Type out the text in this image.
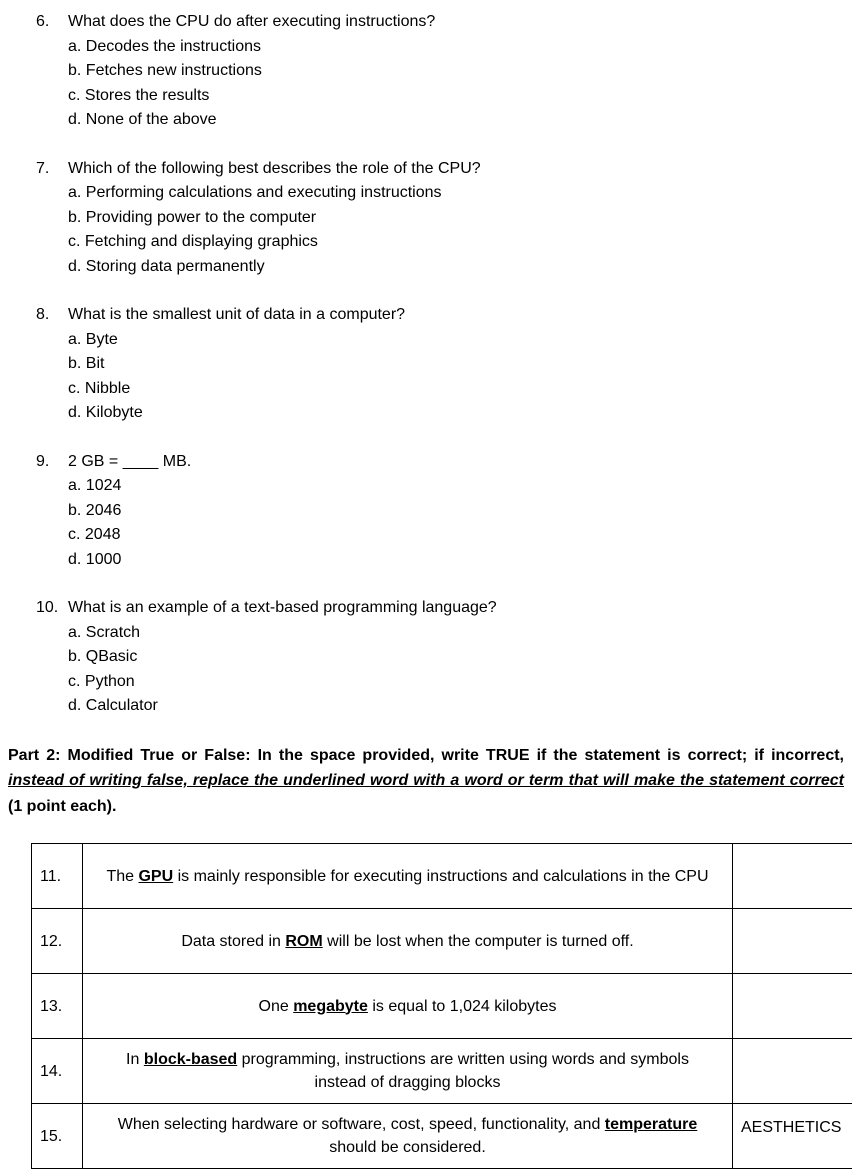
6.	What does the CPU do after executing instructions?
a. Decodes the instructions
b. Fetches new instructions
c. Stores the results
d. None of the above
7.	Which of the following best describes the role of the CPU?
a. Performing calculations and executing instructions
b. Providing power to the computer
c. Fetching and displaying graphics
d. Storing data permanently
8.	What is the smallest unit of data in a computer?
a. Byte
b. Bit
c. Nibble
d. Kilobyte
9.	2 GB = ____ MB.
a. 1024
b. 2046
c. 2048
d. 1000
10. What is an example of a text-based programming language?
a. Scratch
b. QBasic
c. Python
d. Calculator

Part 2: Modified True or False: In the space provided, write TRUE if the statement is correct; if incorrect, instead of writing false, replace the underlined word with a word or term that will make the statement correct (1 point each).

11.	The GPU is mainly responsible for executing instructions and calculations in the CPU	
12.	Data stored in ROM will be lost when the computer is turned off.	
13.	One megabyte is equal to 1,024 kilobytes	
14.	In block-based programming, instructions are written using words and symbols instead of dragging blocks	
15.	When selecting hardware or software, cost, speed, functionality, and temperature should be considered.	AESTHETICS
